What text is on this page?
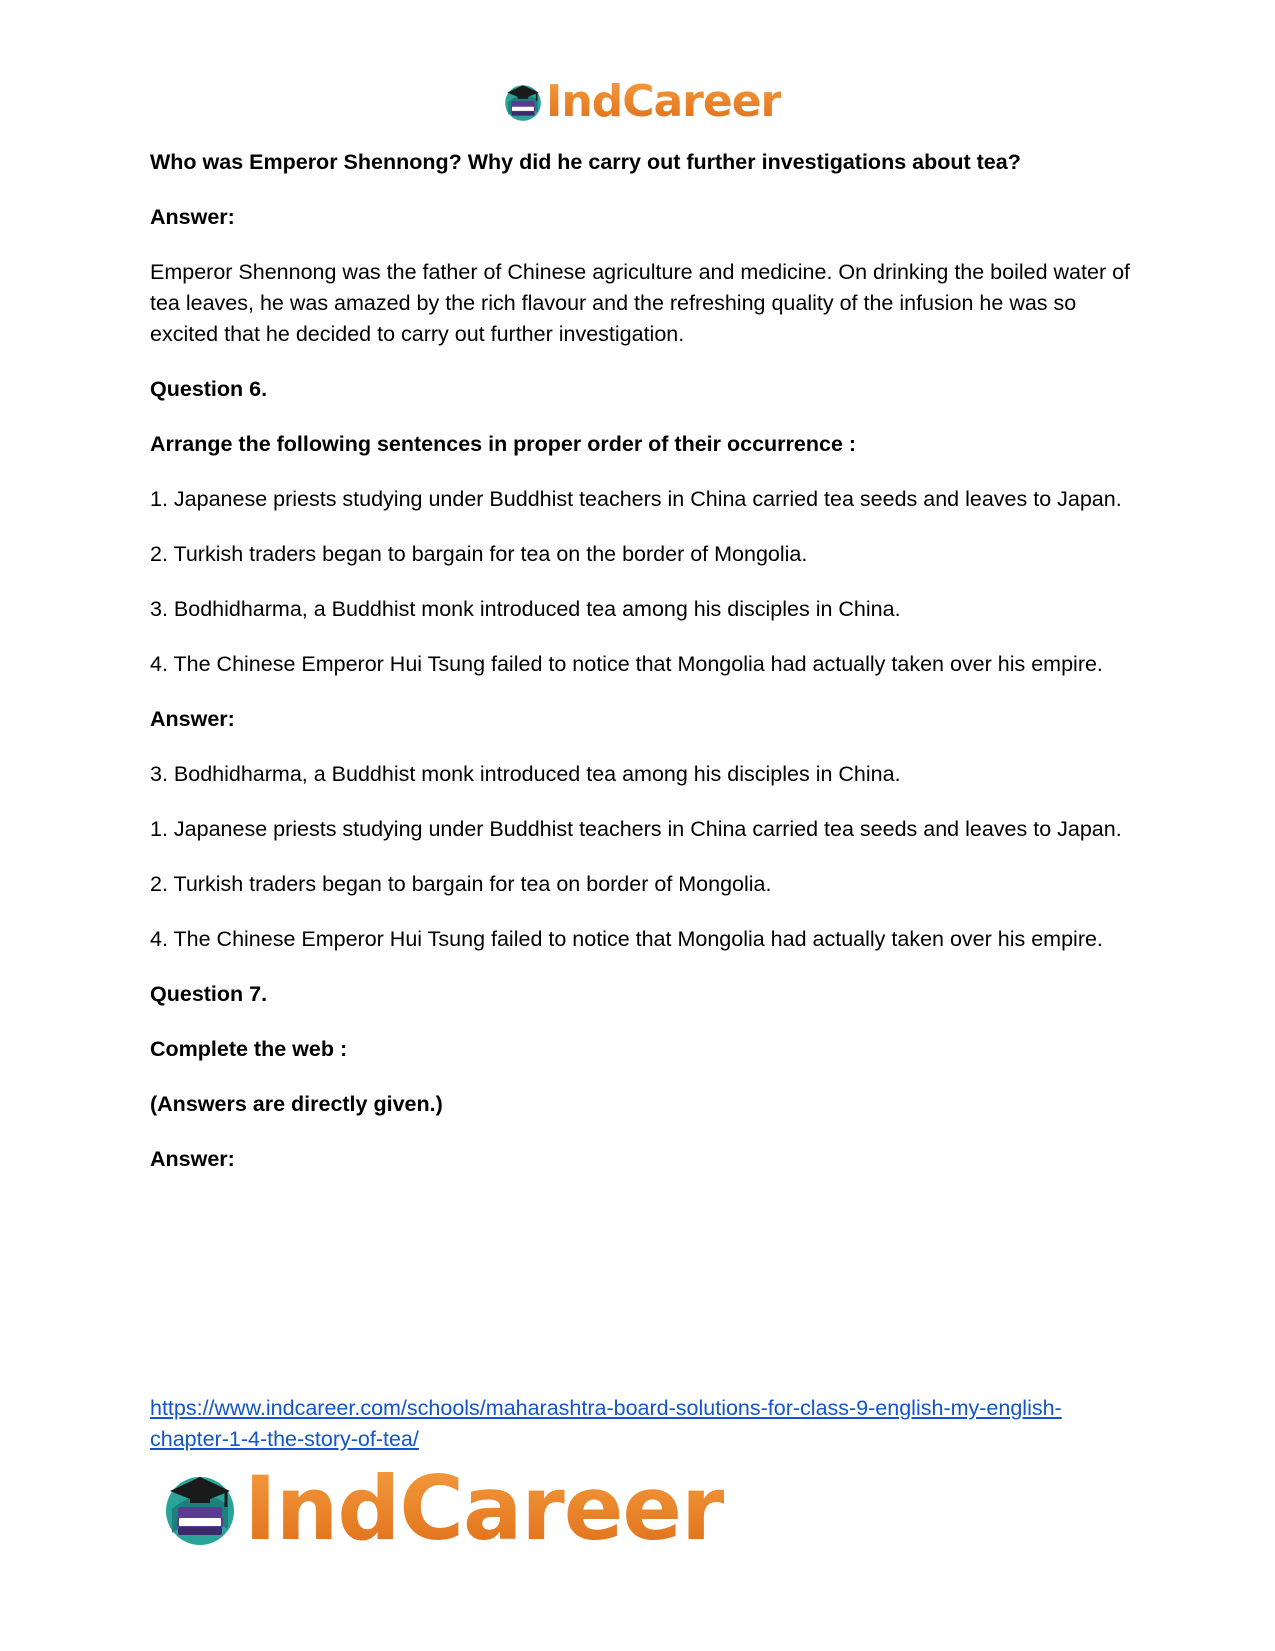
IndCareer

Who was Emperor Shennong? Why did he carry out further investigations about tea?

Answer:

Emperor Shennong was the father of Chinese agriculture and medicine. On drinking the boiled water of tea leaves, he was amazed by the rich flavour and the refreshing quality of the infusion he was so excited that he decided to carry out further investigation.

Question 6.

Arrange the following sentences in proper order of their occurrence :

1. Japanese priests studying under Buddhist teachers in China carried tea seeds and leaves to Japan.

2. Turkish traders began to bargain for tea on the border of Mongolia.

3. Bodhidharma, a Buddhist monk introduced tea among his disciples in China.

4. The Chinese Emperor Hui Tsung failed to notice that Mongolia had actually taken over his empire.

Answer:

3. Bodhidharma, a Buddhist monk introduced tea among his disciples in China.

1. Japanese priests studying under Buddhist teachers in China carried tea seeds and leaves to Japan.

2. Turkish traders began to bargain for tea on border of Mongolia.

4. The Chinese Emperor Hui Tsung failed to notice that Mongolia had actually taken over his empire.

Question 7.

Complete the web :

(Answers are directly given.)

Answer:

https://www.indcareer.com/schools/maharashtra-board-solutions-for-class-9-english-my-english-chapter-1-4-the-story-of-tea/
IndCareer
